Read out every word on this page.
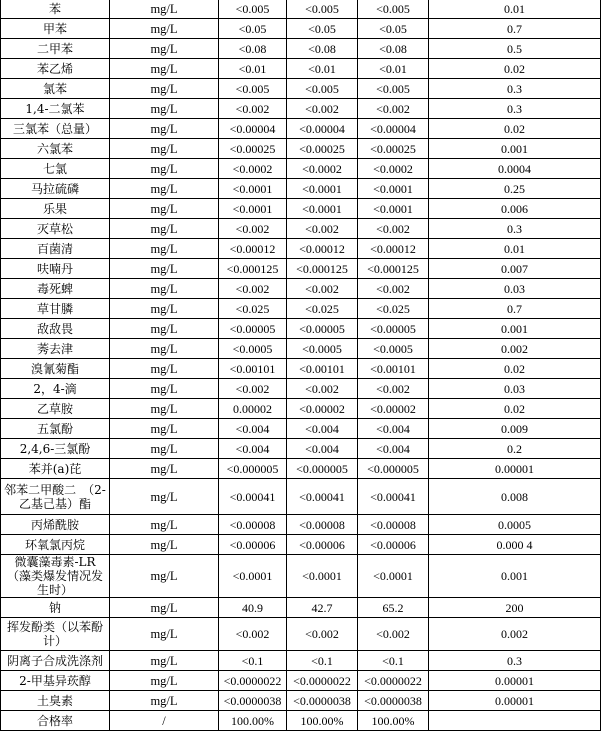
苯	mg/L	<0.005	<0.005	<0.005	0.01
甲苯	mg/L	<0.05	<0.05	<0.05	0.7
二甲苯	mg/L	<0.08	<0.08	<0.08	0.5
苯乙烯	mg/L	<0.01	<0.01	<0.01	0.02
氯苯	mg/L	<0.005	<0.005	<0.005	0.3
1,4-二氯苯	mg/L	<0.002	<0.002	<0.002	0.3
三氯苯（总量）	mg/L	<0.00004	<0.00004	<0.00004	0.02
六氯苯	mg/L	<0.00025	<0.00025	<0.00025	0.001
七氯	mg/L	<0.0002	<0.0002	<0.0002	0.0004
马拉硫磷	mg/L	<0.0001	<0.0001	<0.0001	0.25
乐果	mg/L	<0.0001	<0.0001	<0.0001	0.006
灭草松	mg/L	<0.002	<0.002	<0.002	0.3
百菌清	mg/L	<0.00012	<0.00012	<0.00012	0.01
呋喃丹	mg/L	<0.000125	<0.000125	<0.000125	0.007
毒死蜱	mg/L	<0.002	<0.002	<0.002	0.03
草甘膦	mg/L	<0.025	<0.025	<0.025	0.7
敌敌畏	mg/L	<0.00005	<0.00005	<0.00005	0.001
莠去津	mg/L	<0.0005	<0.0005	<0.0005	0.002
溴氰菊酯	mg/L	<0.00101	<0.00101	<0.00101	0.02
2，4-滴	mg/L	<0.002	<0.002	<0.002	0.03
乙草胺	mg/L	0.00002	<0.00002	<0.00002	0.02
五氯酚	mg/L	<0.004	<0.004	<0.004	0.009
2,4,6-三氯酚	mg/L	<0.004	<0.004	<0.004	0.2
苯并(a)芘	mg/L	<0.000005	<0.000005	<0.000005	0.00001
邻苯二甲酸二　（2-乙基己基）酯	mg/L	<0.00041	<0.00041	<0.00041	0.008
丙烯酰胺	mg/L	<0.00008	<0.00008	<0.00008	0.0005
环氧氯丙烷	mg/L	<0.00006	<0.00006	<0.00006	0.000 4
微囊藻毒素-LR（藻类爆发情况发生时）	mg/L	<0.0001	<0.0001	<0.0001	0.001
钠	mg/L	40.9	42.7	65.2	200
挥发酚类（以苯酚计）	mg/L	<0.002	<0.002	<0.002	0.002
阴离子合成洗涤剂	mg/L	<0.1	<0.1	<0.1	0.3
2-甲基异莰醇	mg/L	<0.0000022	<0.0000022	<0.0000022	0.00001
土臭素	mg/L	<0.0000038	<0.0000038	<0.0000038	0.00001
合格率	/	100.00%	100.00%	100.00%	
